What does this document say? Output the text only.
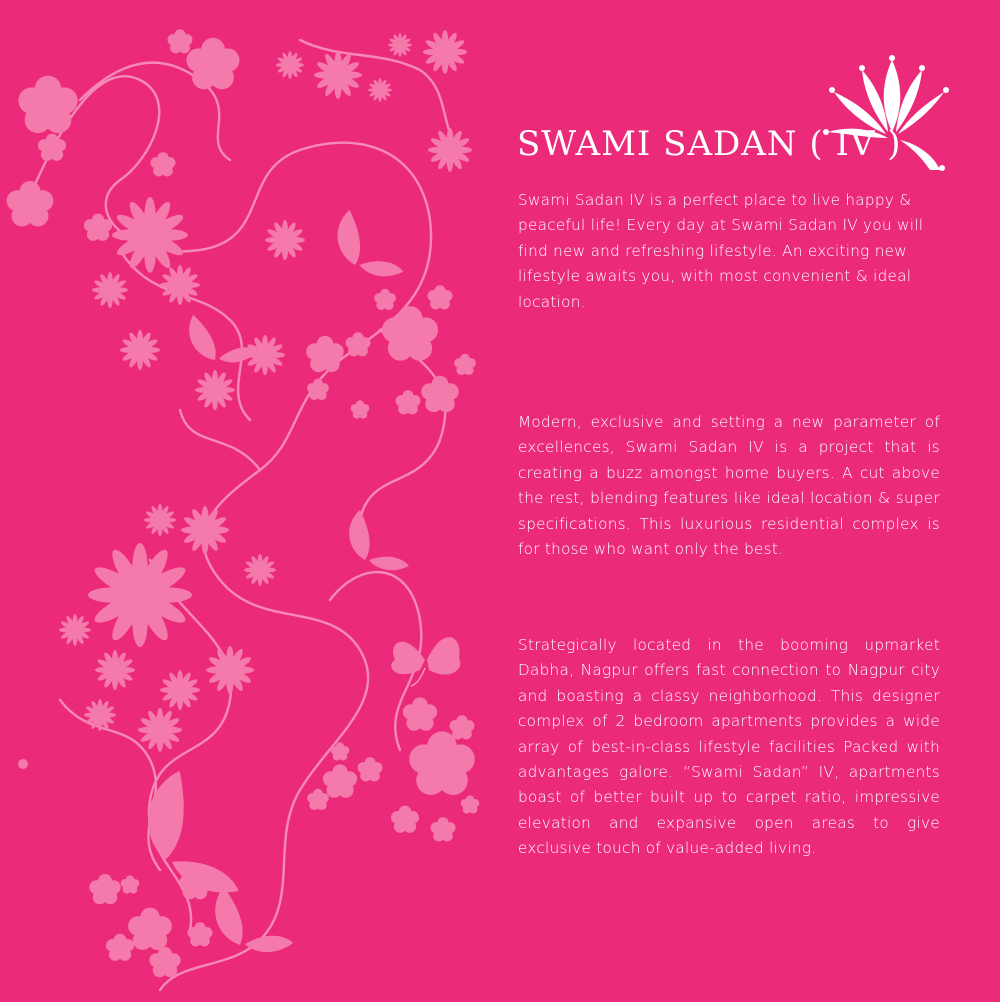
SWAMI SADAN ( IV )

Swami Sadan IV is a perfect place to live happy & peaceful life! Every day at Swami Sadan IV you will find new and refreshing lifestyle. An exciting new lifestyle awaits you, with most convenient & ideal location.

Modern, exclusive and setting a new parameter of excellences, Swami Sadan IV is a project that is creating a buzz amongst home buyers. A cut above the rest, blending features like ideal location & super specifications. This luxurious residential complex is for those who want only the best.

Strategically located in the booming upmarket Dabha, Nagpur offers fast connection to Nagpur city and boasting a classy neighborhood. This designer complex of 2 bedroom apartments provides a wide array of best-in-class lifestyle facilities Packed with advantages galore. “Swami Sadan” IV, apartments boast of better built up to carpet ratio, impressive elevation and expansive open areas to give exclusive touch of value-added living.
